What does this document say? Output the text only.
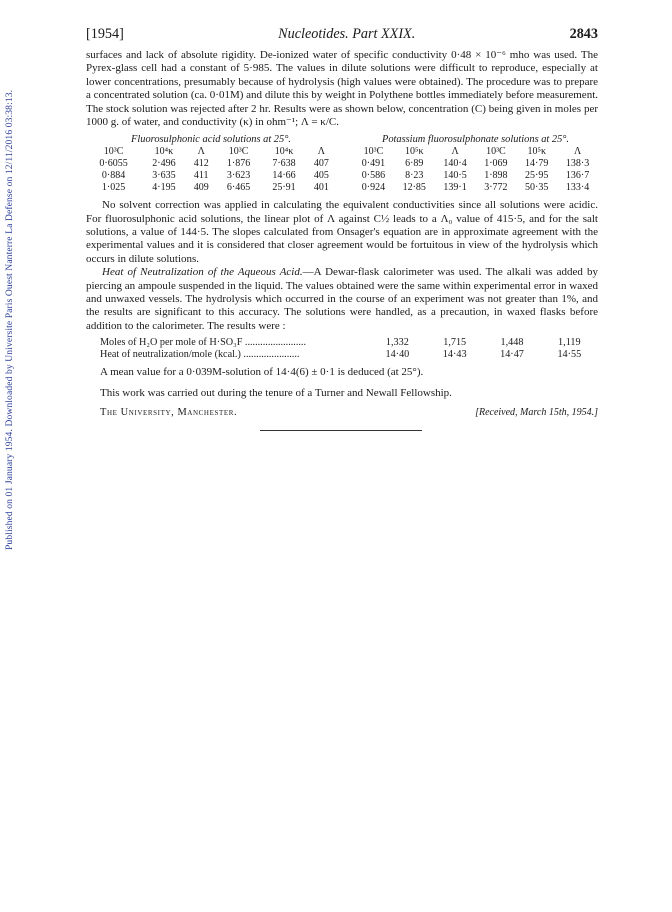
Published on 01 January 1954. Downloaded by Universite Paris Ouest Nanterre La Defense on 12/11/2016 03:38:13.
[1954]	Nucleotides. Part XXIX.	2843

surfaces and lack of absolute rigidity. De-ionized water of specific conductivity 0·48 × 10⁻⁶ mho was used. The Pyrex-glass cell had a constant of 5·985. The values in dilute solutions were difficult to reproduce, especially at lower concentrations, presumably because of hydrolysis (high values were obtained). The procedure was to prepare a concentrated solution (ca. 0·01M) and dilute this by weight in Polythene bottles immediately before measurement. The stock solution was rejected after 2 hr. Results were as shown below, concentration (C) being given in moles per 1000 g. of water, and conductivity (κ) in ohm⁻¹; Λ = κ/C.

Fluorosulphonic acid solutions at 25°.
10³C	10⁴κ	Λ	10³C	10⁴κ	Λ
0·6055	2·496	412	1·876	7·638	407
0·884	3·635	411	3·623	14·66	405
1·025	4·195	409	6·465	25·91	401
Potassium fluorosulphonate solutions at 25°.
10³C	10⁵κ	Λ	10³C	10⁵κ	Λ
0·491	6·89	140·4	1·069	14·79	138·3
0·586	8·23	140·5	1·898	25·95	136·7
0·924	12·85	139·1	3·772	50·35	133·4

No solvent correction was applied in calculating the equivalent conductivities since all solutions were acidic. For fluorosulphonic acid solutions, the linear plot of Λ against C½ leads to a Λ₀ value of 415·5, and for the salt solutions, a value of 144·5. The slopes calculated from Onsager's equation are in approximate agreement with the experimental values and it is considered that closer agreement would be fortuitous in view of the hydrolysis which occurs in dilute solutions.

Heat of Neutralization of the Aqueous Acid.—A Dewar-flask calorimeter was used. The alkali was added by piercing an ampoule suspended in the liquid. The values obtained were the same within experimental error in waxed and unwaxed vessels. The hydrolysis which occurred in the course of an experiment was not greater than 1%, and the results are significant to this accuracy. The solutions were handled, as a precaution, in waxed flasks before addition to the calorimeter. The results were :

Moles of H₂O per mole of H·SO₃F ........................	1,332	1,715	1,448	1,119
Heat of neutralization/mole (kcal.) ......................	14·40	14·43	14·47	14·55

A mean value for a 0·039M-solution of 14·4(6) ± 0·1 is deduced (at 25°).

This work was carried out during the tenure of a Turner and Newall Fellowship.

The University, Manchester.	[Received, March 15th, 1954.]
